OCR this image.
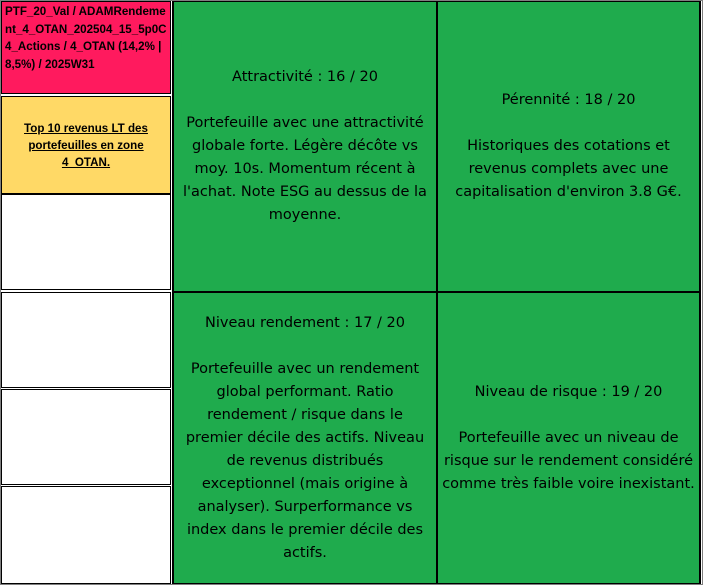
PTF_20_Val / ADAMRendement_4_OTAN_202504_15_5p0C4_Actions / 4_OTAN (14,2% | 8,5%) / 2025W31
Top 10 revenus LT des portefeuilles en zone 4_OTAN.
Attractivité : 16 / 20
Portefeuille avec une attractivité globale forte. Légère décôte vs moy. 10s. Momentum récent à l'achat. Note ESG au dessus de la moyenne.
Pérennité : 18 / 20
Historiques des cotations et revenus complets avec une capitalisation d'environ 3.8 G€.
Niveau rendement : 17 / 20
Portefeuille avec un rendement global performant. Ratio rendement / risque dans le premier décile des actifs. Niveau de revenus distribués exceptionnel (mais origine à analyser). Surperformance vs index dans le premier décile des actifs.
Niveau de risque : 19 / 20
Portefeuille avec un niveau de risque sur le rendement considéré comme très faible voire inexistant.
